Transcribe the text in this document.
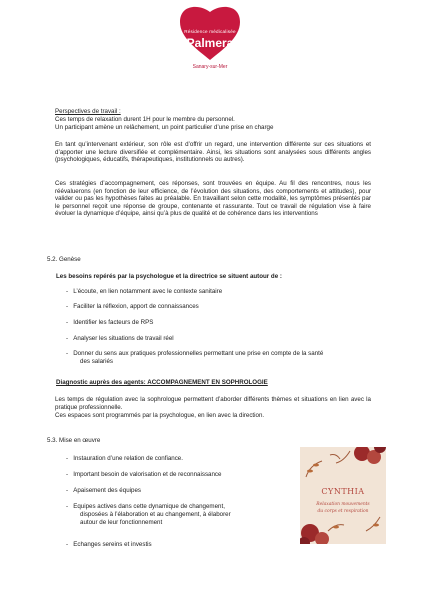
Résidence médicalisée
Palmera
Sanary-sur-Mer
Perspectives de travail :
Ces temps de relaxation durent 1H pour le membre du personnel.
Un participant amène un relâchement, un point particulier d’une prise en charge
En tant qu’intervenant extérieur, son rôle est d’offrir un regard, une intervention différente sur ces situations et d’apporter une lecture diversifiée et complémentaire. Ainsi, les situations sont analysées sous différents angles (psychologiques, éducatifs, thérapeutiques, institutionnels ou autres).
Ces stratégies d’accompagnement, ces réponses, sont trouvées en équipe. Au fil des rencontres, nous les réévaluerons (en fonction de leur efficience, de l’évolution des situations, des comportements et attitudes), pour valider ou pas les hypothèses faites au préalable. En travaillant selon cette modalité, les symptômes présentés par le personnel reçoit une réponse de groupe, contenante et rassurante. Tout ce travail de régulation vise à faire évoluer la dynamique d’équipe, ainsi qu’à plus de qualité et de cohérence dans les interventions
5.2. Genèse
Les besoins repérés par la psychologue et la directrice se situent autour de :
-   L’écoute, en lien notamment avec le contexte sanitaire
-   Faciliter la réflexion, apport de connaissances
-   Identifier les facteurs de RPS
-   Analyser les situations de travail réel
-   Donner du sens aux pratiques professionnelles permettant une prise en compte de la santé
des salariés
Diagnostic auprès des agents: ACCOMPAGNEMENT EN SOPHROLOGIE
Les temps de régulation avec la sophrologue permettent d’aborder différents thèmes et situations en lien avec la pratique professionnelle.
Ces espaces sont programmés par la psychologue, en lien avec la direction.
5.3. Mise en œuvre
-   Instauration d’une relation de confiance.
-   Important besoin de valorisation et de reconnaissance
-   Apaisement des équipes
-   Equipes actives dans cette dynamique de changement,
disposées à l’élaboration et au changement, à élaborer
autour de leur fonctionnement
-   Echanges sereins et investis
CYNTHIA
Relaxation mouvements du corps et respiration
